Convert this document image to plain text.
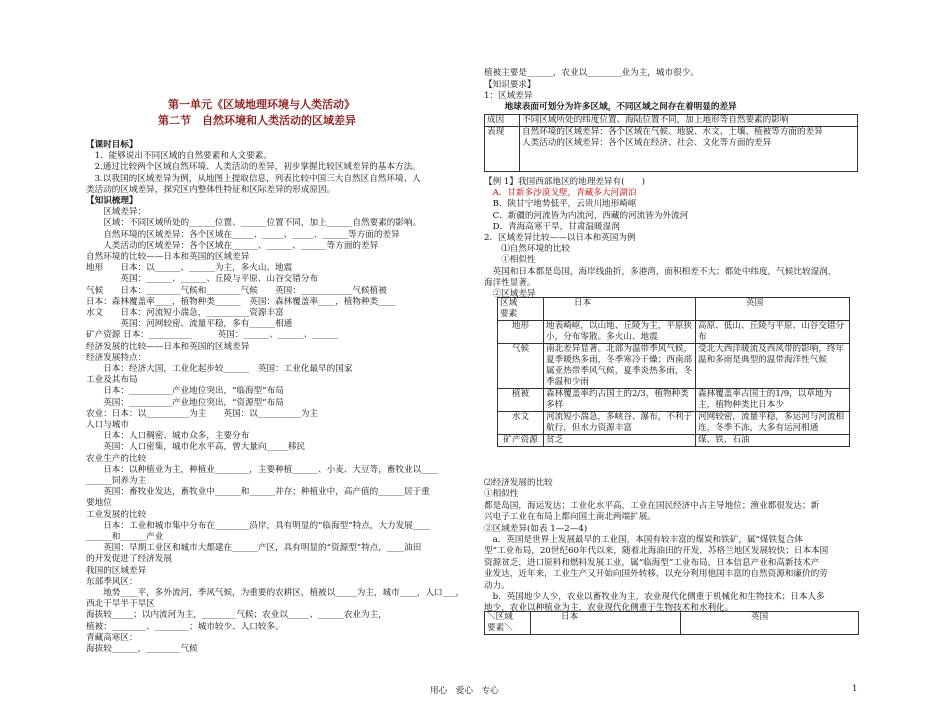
第一单元《区域地理环境与人类活动》
第二节　自然环境和人类活动的区域差异
【课时目标】
　1．能够说出不同区域的自然要素和人文要素。
　2.通过比较两个区域自然环境、人类活动的差异，初步掌握比较区域差异的基本方法。
　3.以我国的区域差异为例，从地图上提取信息，列表比较中国三大自然区自然环境、人
类活动的区域差异，探究区内整体性特征和区际差异的形成原因。
【知识梳理】
　　区域差异：
　　区域：不同区域所处的______位置、______位置不同，加上______自然要素的影响。
　　自然环境的区域差异：各个区域在_____、_____、_____、______等方面的差异
　　人类活动的区域差异：各个区域在______、______、______等方面的差异
自然环境的比较——日本和英国的区域差异
地形　　日本：以______、______为主，多火山、地震
　　　　英国：______、______、丘陵与平原、山谷交错分布
气候　　日本：________气候和________气候　　英国：____________气候植被
日本：森林覆盖率____，植物种类______　英国：森林覆盖率____，植物种类____
水文　　日本：河流短小湍急，__________资源丰富
　　　　英国：河网较密、流量平稳，多有______相通
矿产资源 日本：__________　　　英国：______、______、______
经济发展的比较——日本和英国的区域差异
经济发展特点：
　　日本：经济大国，工业化起步较______　英国：工业化最早的国家
工业及其布局
　　日本：__________产业地位突出，“临海型”布局
　　英国：__________产业地位突出，“资源型”布局
农业：日本：以__________为主　　英国：以__________为主
人口与城市
　　日本：人口稠密、城市众多，主要分布
　　英国：人口密集，城市化水平高，曾大量向_____移民
农业生产的比较
　　日本：以种植业为主，种植业________，主要种植______、小麦、大豆等，畜牧业以____
______饲养为主
　　英国：畜牧业发达，畜牧业中______和______并存；种植业中，高产值的______居于重
要地位
工业发展的比较
　　日本：工业和城市集中分布在________沿岸，具有明显的“临海型”特点，大力发展____
______和______产业
　　英国：早期工业区和城市大都建在______产区，具有明显的“资源型”特点，____油田
的开发促进了经济发展
我国的区域差异
东部季风区：
　　地势____平，多外流河，季风气候，为重要的农耕区，植被以_____为主，城市____，人口___，
西北干旱半干旱区
海拔较_____；以内流河为主，________气候；农业以_____、______农业为主，
植被：________、________；城市较少、人口较多。
青藏高寒区：
海拔较______，________气候
植被主要是______，农业以________业为主，城市很少。
【知识要求】
1：区域差异
　地球表面可划分为许多区域，不同区域之间存在着明显的差异
成因	不同区域所处的纬度位置、海陆位置不同，加上地形等自然要素的影响
表现	自然环境的区域差异：各个区域在气候、地貌、水文、土壤、植被等方面的差异
人类活动的区域差异：各个区域在经济、社会、文化等方面的差异
【例 1】我国西部地区的地理差异有(　　)
　A．甘新多沙漠戈壁，青藏多大河湖泊
　B．陕甘宁地势低平，云贵川地形崎岖
　C．新疆的河流皆为内流河，西藏的河流皆为外流河
　D．青海高寒干旱，甘肃温暖湿润
2．区域差异比较——以日本和英国为例
　　⑴自然环境的比较
　　①相似性
　英国和日本都是岛国，海岸线曲折，多港湾，面积相差不大；都处中纬度，气候比较湿润，
海洋性显著。
　②区域差异
区域
要素	日本	英国
地形	地表崎岖，以山地、丘陵为主，平原狭小，分布零散。多火山、地震	高原、低山、丘陵与平原、山谷交错分布
气候	南北差异显著。北部为温带季风气候，夏季暖热多雨，冬季寒冷干燥；西南部属亚热带季风气候，夏季炎热多雨，冬季温和少雨	受北大西洋暖流及西风带的影响，终年温和多雨是典型的温带海洋性气候
植被	森林覆盖率约占国土的2/3，植物种类多样	森林覆盖率占国土的1/9，以草地为主，植物种类比日本少
水文	河流短小湍急，多峡谷、瀑布，不利于航行，但水力资源丰富	河网较密，流量平稳，多运河与河流相连，冬季不冻，大多有运河相通
矿产资源	贫乏	煤、铁、石油
⑵经济发展的比较
①相似性
都是岛国，海运发达；工业化水平高，工业在国民经济中占主导地位；渔业都很发达；新
兴电子工业在布局上都向国土南北两端扩展。
②区域差异(如表 1—2—4)
　a．英国是世界上发展最早的工业国，本国有较丰富的煤炭和铁矿，属“煤铁复合体
型”工业布局，20世纪60年代以来，随着北海油田的开发，苏格兰地区发展较快；日本本国
资源贫乏，进口原料和燃料发展工业，属“临海型”工业布局，日本信息产业和高新技术产
业发达，近年来，工业生产又开始向国外转移，以充分利用他国丰富的自然资源和廉价的劳
动力。
　b．英国地少人少，农业以畜牧业为主，农业现代化侧重于机械化和生物技术；日本人多
地少，农业以种植业为主，农业现代化侧重于生物技术和水利化。
＼区域
要素＼	日本	英国
用心　爱心　专心	1
